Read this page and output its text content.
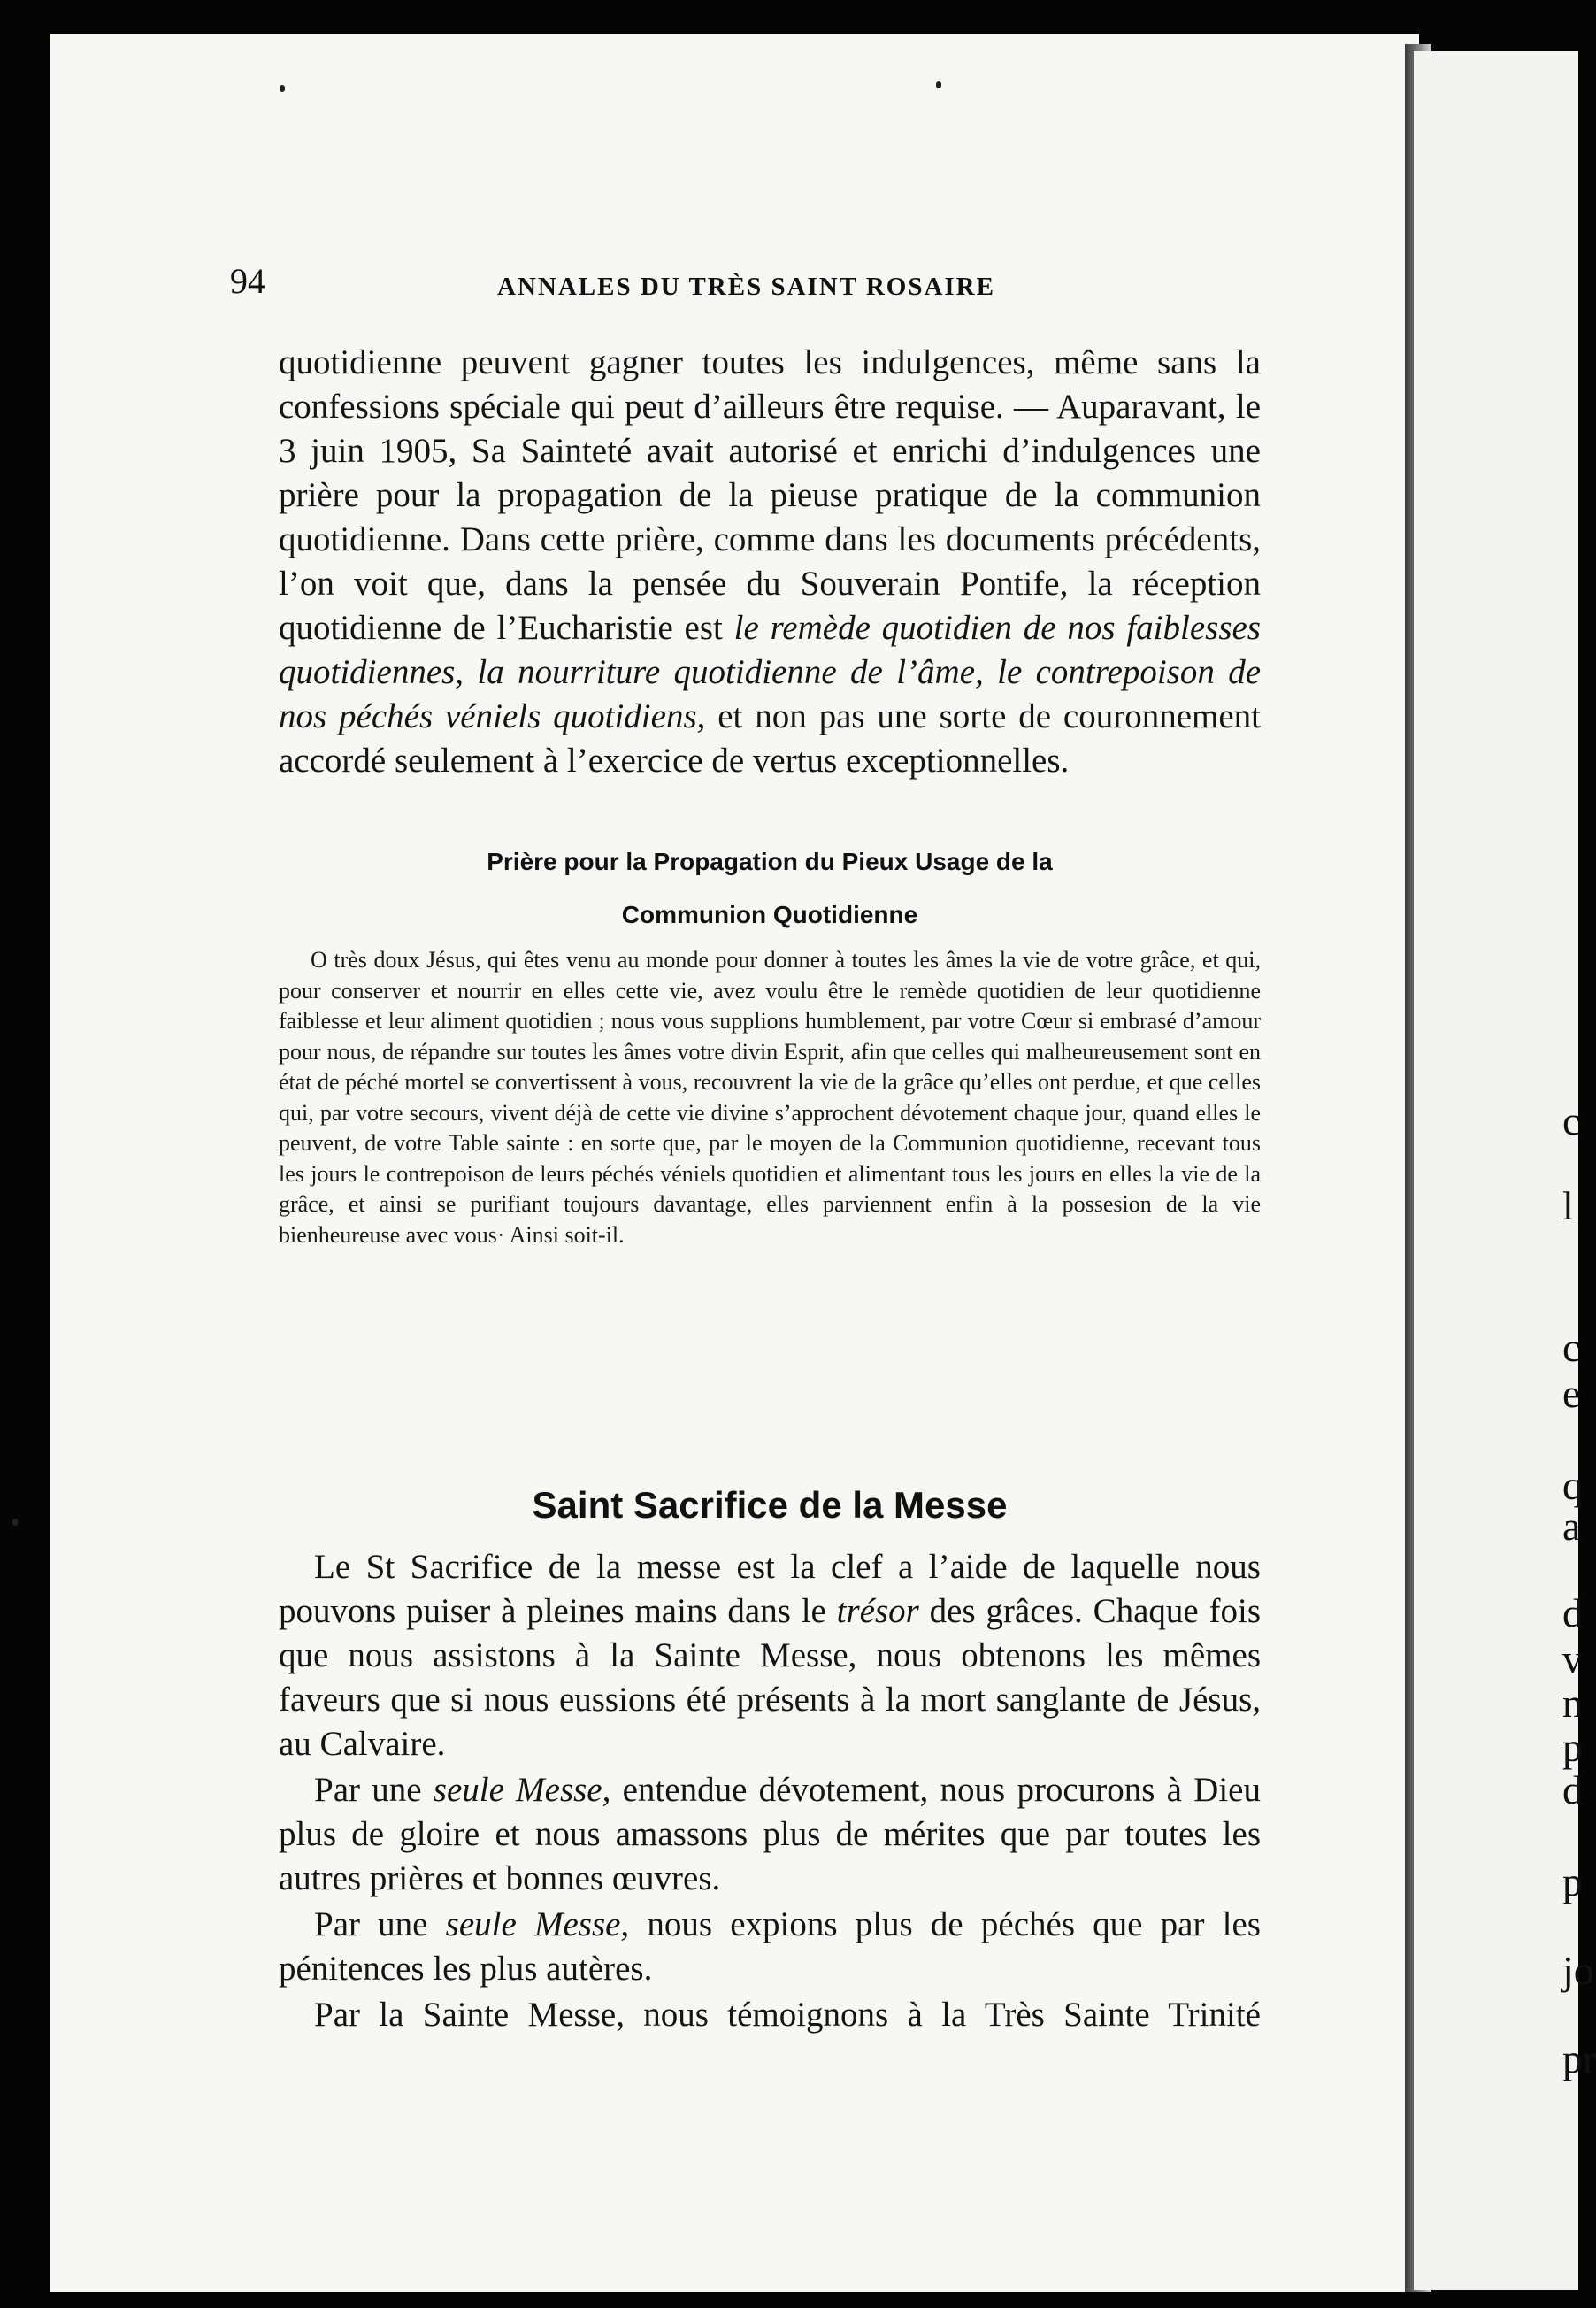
c
l
c
e
q
a
d
v
n
p
d
p
jo
pr
94	ANNALES DU TRÈS SAINT ROSAIRE

quotidienne peuvent gagner toutes les indulgences, même sans la confessions spéciale qui peut d’ailleurs être requise. — Auparavant, le 3 juin 1905, Sa Sainteté avait autorisé et enrichi d’indulgences une prière pour la propagation de la pieuse pratique de la communion quotidienne. Dans cette prière, comme dans les documents précédents, l’on voit que, dans la pensée du Souverain Pontife, la réception quotidienne de l’Eucharistie est le remède quotidien de nos faiblesses quotidiennes, la nourriture quotidienne de l’âme, le contrepoison de nos péchés véniels quotidiens, et non pas une sorte de couronnement accordé seulement à l’exercice de vertus exceptionnelles.

Prière pour la Propagation du Pieux Usage de la

Communion Quotidienne

O très doux Jésus, qui êtes venu au monde pour donner à toutes les âmes la vie de votre grâce, et qui, pour conserver et nourrir en elles cette vie, avez voulu être le remède quotidien de leur quotidienne faiblesse et leur aliment quotidien ; nous vous supplions humblement, par votre Cœur si embrasé d’amour pour nous, de répandre sur toutes les âmes votre divin Esprit, afin que celles qui malheureusement sont en état de péché mortel se convertissent à vous, recouvrent la vie de la grâce qu’elles ont perdue, et que celles qui, par votre secours, vivent déjà de cette vie divine s’approchent dévotement chaque jour, quand elles le peuvent, de votre Table sainte : en sorte que, par le moyen de la Communion quotidienne, recevant tous les jours le contrepoison de leurs péchés véniels quotidien et alimentant tous les jours en elles la vie de la grâce, et ainsi se purifiant toujours davantage, elles parviennent enfin à la possesion de la vie bienheureuse avec vous· Ainsi soit-il.

Saint Sacrifice de la Messe

Le St Sacrifice de la messe est la clef a l’aide de laquelle nous pouvons puiser à pleines mains dans le trésor des grâces. Chaque fois que nous assistons à la Sainte Messe, nous obtenons les mêmes faveurs que si nous eussions été présents à la mort sanglante de Jésus, au Calvaire.

Par une seule Messe, entendue dévotement, nous procurons à Dieu plus de gloire et nous amassons plus de mérites que par toutes les autres prières et bonnes œuvres.

Par une seule Messe, nous expions plus de péchés que par les pénitences les plus autères.

Par la Sainte Messe, nous témoignons à la Très Sainte Trinité
